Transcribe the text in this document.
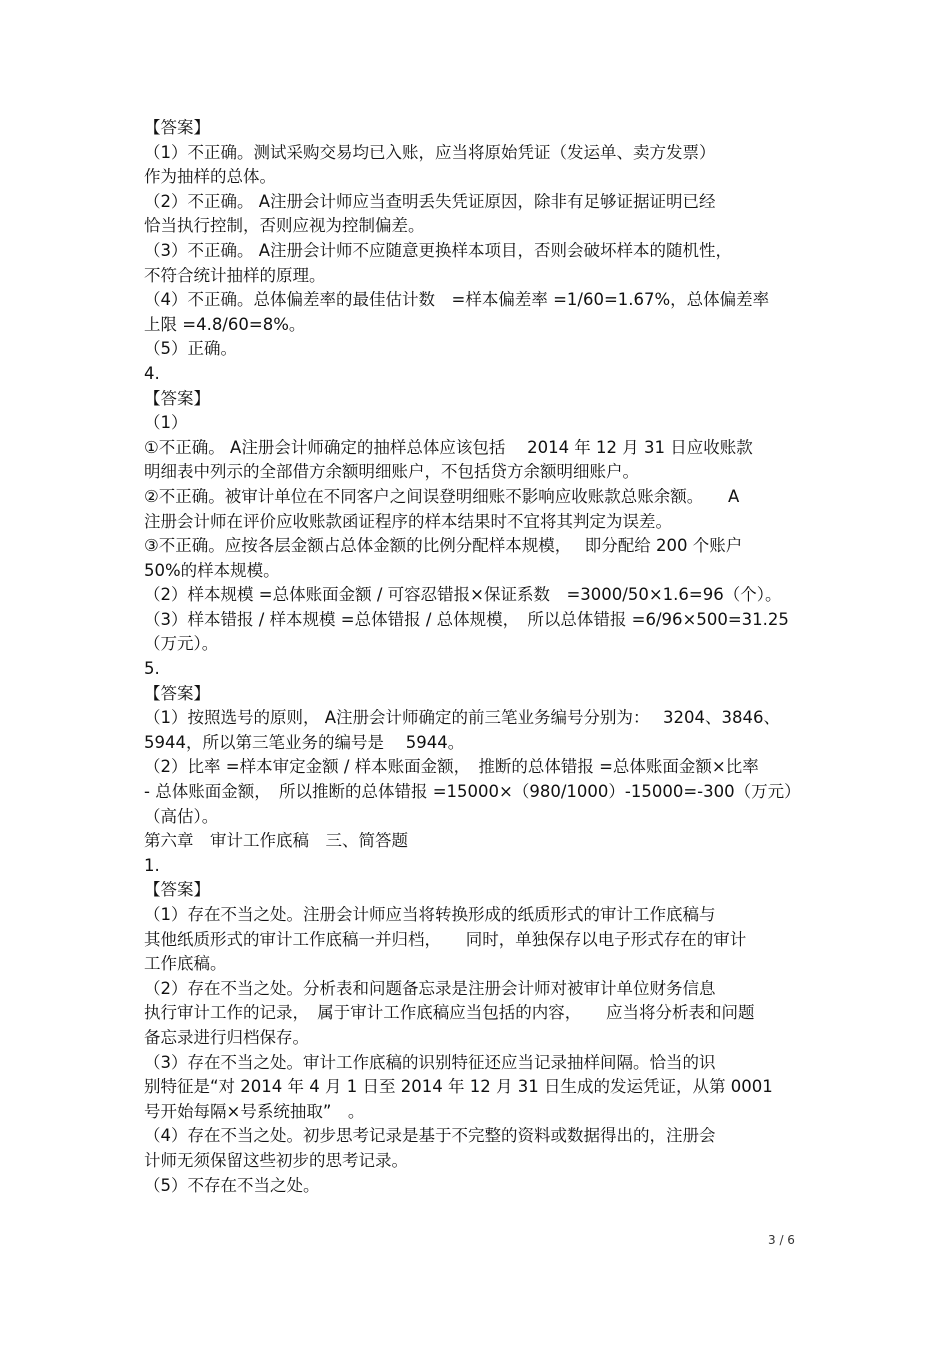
【答案】
（1）不正确。测试采购交易均已入账，应当将原始凭证（发运单、卖方发票）
作为抽样的总体。
（2）不正确。 A注册会计师应当查明丢失凭证原因，除非有足够证据证明已经
恰当执行控制，否则应视为控制偏差。
（3）不正确。 A注册会计师不应随意更换样本项目，否则会破坏样本的随机性，
不符合统计抽样的原理。
（4）不正确。总体偏差率的最佳估计数　=样本偏差率 =1/60=1.67%，总体偏差率
上限 =4.8/60=8%。
（5）正确。
4.
【答案】
（1）
①不正确。 A注册会计师确定的抽样总体应该包括　 2014 年 12 月 31 日应收账款
明细表中列示的全部借方余额明细账户，不包括贷方余额明细账户。
②不正确。被审计单位在不同客户之间误登明细账不影响应收账款总账余额。　　A
注册会计师在评价应收账款函证程序的样本结果时不宜将其判定为误差。
③不正确。应按各层金额占总体金额的比例分配样本规模，　 即分配给 200 个账户
50%的样本规模。
（2）样本规模 =总体账面金额 / 可容忍错报×保证系数　=3000/50×1.6=96（个）。
（3）样本错报 / 样本规模 =总体错报 / 总体规模，　所以总体错报 =6/96×500=31.25
（万元）。
5.
【答案】
（1）按照选号的原则， A注册会计师确定的前三笔业务编号分别为：　 3204、3846、
5944，所以第三笔业务的编号是　 5944。
（2）比率 =样本审定金额 / 样本账面金额，　推断的总体错报 =总体账面金额×比率
- 总体账面金额，　所以推断的总体错报 =15000×（980/1000）-15000=-300（万元）
（高估）。
第六章　审计工作底稿　三、简答题
1.
【答案】
（1）存在不当之处。注册会计师应当将转换形成的纸质形式的审计工作底稿与
其他纸质形式的审计工作底稿一并归档，　　同时，单独保存以电子形式存在的审计
工作底稿。
（2）存在不当之处。分析表和问题备忘录是注册会计师对被审计单位财务信息
执行审计工作的记录，　属于审计工作底稿应当包括的内容，　　应当将分析表和问题
备忘录进行归档保存。
（3）存在不当之处。审计工作底稿的识别特征还应当记录抽样间隔。恰当的识
别特征是“对 2014 年 4 月 1 日至 2014 年 12 月 31 日生成的发运凭证，从第 0001
号开始每隔×号系统抽取”　。
（4）存在不当之处。初步思考记录是基于不完整的资料或数据得出的，注册会
计师无须保留这些初步的思考记录。
（5）不存在不当之处。
3 / 6
